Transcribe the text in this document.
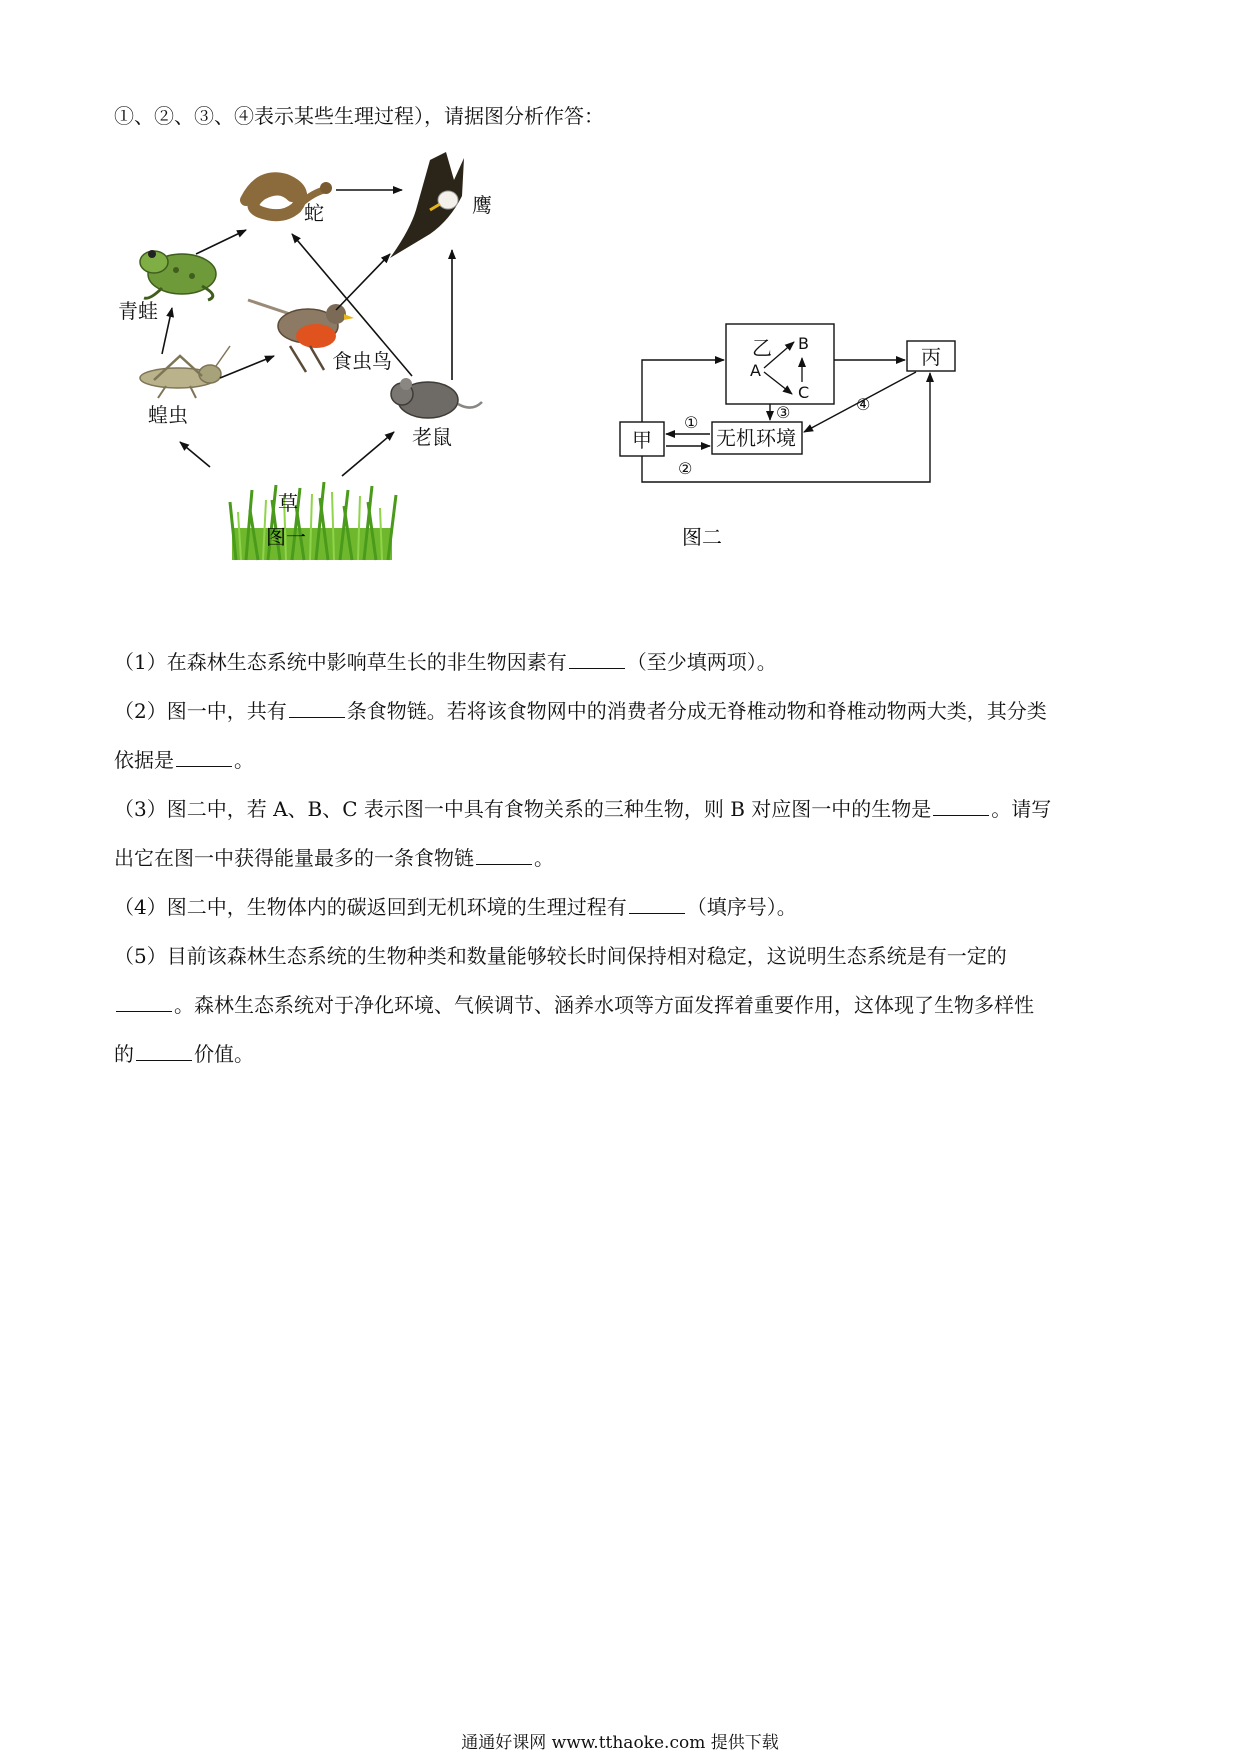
①、②、③、④表示某些生理过程），请据图分析作答：
草
蝗虫
青蛙
蛇	鹰
食虫鸟
老鼠
图一
乙 B
A
C
丙
甲	无机环境
①
②
③	④
图二
（1）在森林生态系统中影响草生长的非生物因素有	（至少填两项）。
（2）图一中，共有	条食物链。若将该食物网中的消费者分成无脊椎动物和脊椎动物两大类，其分类
依据是	。
（3）图二中，若 A、B、C 表示图一中具有食物关系的三种生物，则 B 对应图一中的生物是	。请写
出它在图一中获得能量最多的一条食物链	。
（4）图二中，生物体内的碳返回到无机环境的生理过程有	（填序号）。
（5）目前该森林生态系统的生物种类和数量能够较长时间保持相对稳定，这说明生态系统是有一定的
。森林生态系统对于净化环境、气候调节、涵养水项等方面发挥着重要作用，这体现了生物多样性
的	价值。
通通好课网 www.tthaoke.com 提供下载
